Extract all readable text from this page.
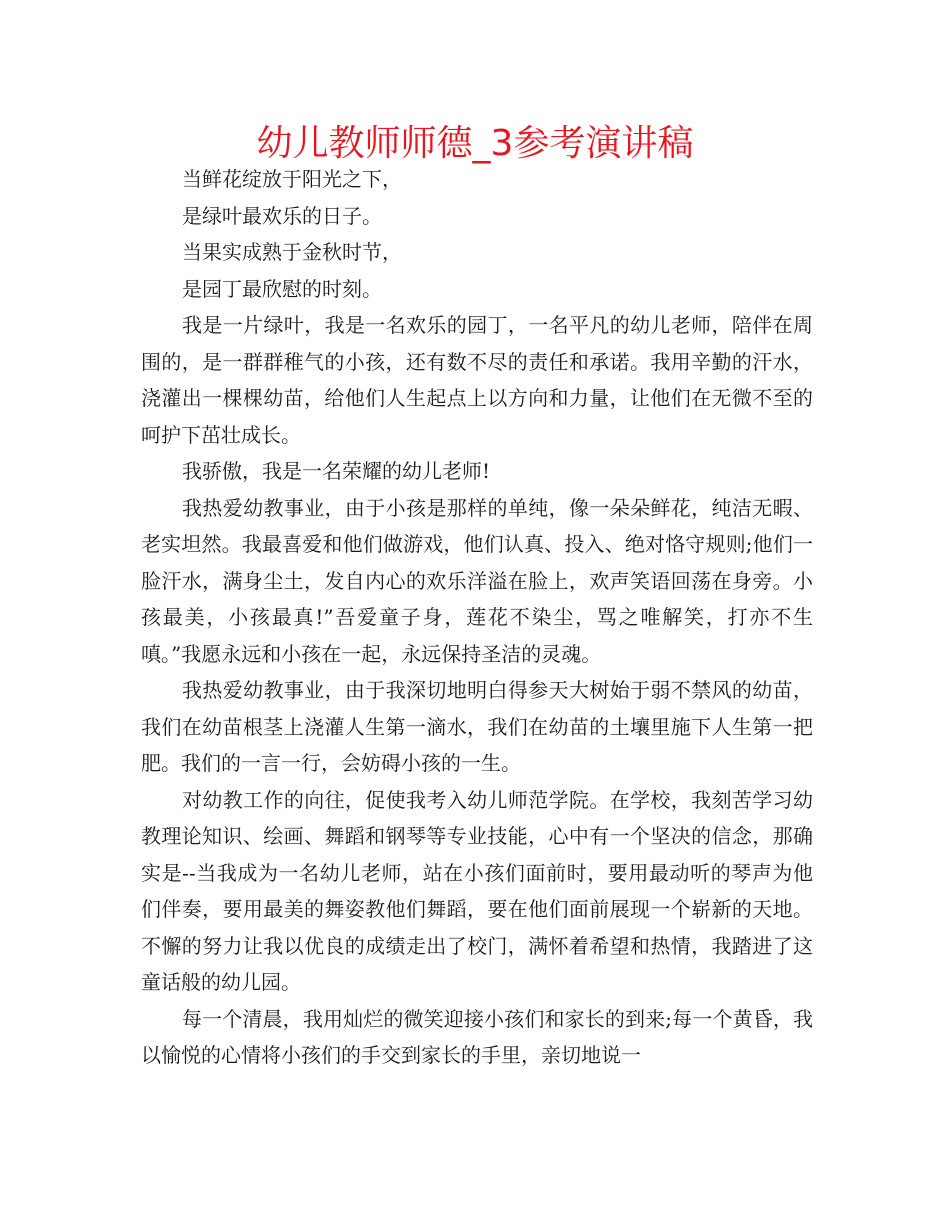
幼儿教师师德_3参考演讲稿

当鲜花绽放于阳光之下，

是绿叶最欢乐的日子。

当果实成熟于金秋时节，

是园丁最欣慰的时刻。

我是一片绿叶，我是一名欢乐的园丁，一名平凡的幼儿老师，陪伴在周围的，是一群群稚气的小孩，还有数不尽的责任和承诺。我用辛勤的汗水，浇灌出一棵棵幼苗，给他们人生起点上以方向和力量，让他们在无微不至的呵护下茁壮成长。

我骄傲，我是一名荣耀的幼儿老师!

我热爱幼教事业，由于小孩是那样的单纯，像一朵朵鲜花，纯洁无暇、老实坦然。我最喜爱和他们做游戏，他们认真、投入、绝对恪守规则;他们一脸汗水，满身尘土，发自内心的欢乐洋溢在脸上，欢声笑语回荡在身旁。小孩最美，小孩最真!”吾爱童子身，莲花不染尘，骂之唯解笑，打亦不生嗔。”我愿永远和小孩在一起，永远保持圣洁的灵魂。

我热爱幼教事业，由于我深切地明白得参天大树始于弱不禁风的幼苗，我们在幼苗根茎上浇灌人生第一滴水，我们在幼苗的土壤里施下人生第一把肥。我们的一言一行，会妨碍小孩的一生。

对幼教工作的向往，促使我考入幼儿师范学院。在学校，我刻苦学习幼教理论知识、绘画、舞蹈和钢琴等专业技能，心中有一个坚决的信念，那确实是--当我成为一名幼儿老师，站在小孩们面前时，要用最动听的琴声为他们伴奏，要用最美的舞姿教他们舞蹈，要在他们面前展现一个崭新的天地。不懈的努力让我以优良的成绩走出了校门，满怀着希望和热情，我踏进了这童话般的幼儿园。

每一个清晨，我用灿烂的微笑迎接小孩们和家长的到来;每一个黄昏，我以愉悦的心情将小孩们的手交到家长的手里，亲切地说一
